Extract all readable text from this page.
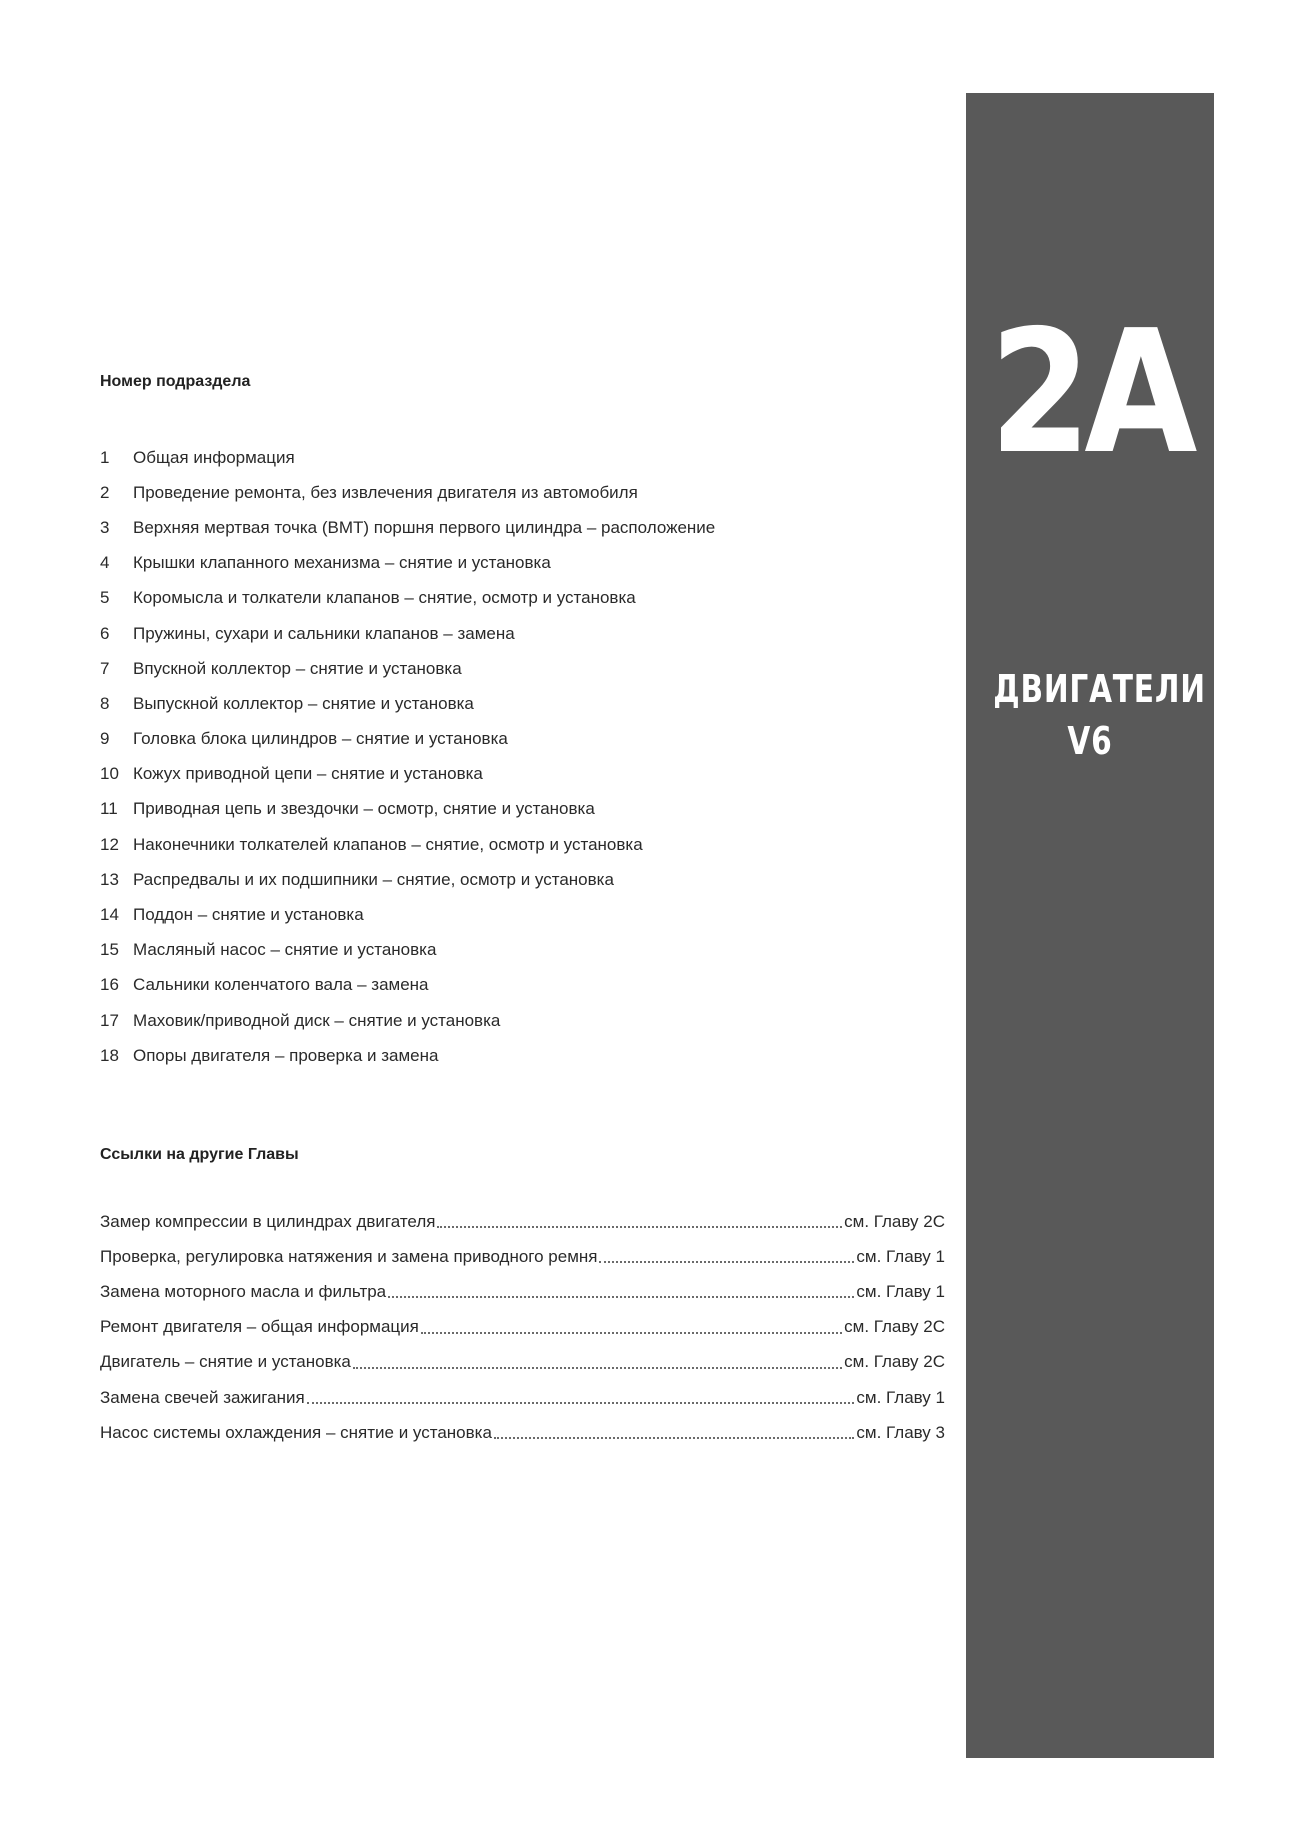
2A
ДВИГАТЕЛИ
V6
Номер подраздела
1	Общая информация
2	Проведение ремонта, без извлечения двигателя из автомобиля
3	Верхняя мертвая точка (ВМТ) поршня первого цилиндра – расположение
4	Крышки клапанного механизма – снятие и установка
5	Коромысла и толкатели клапанов – снятие, осмотр и установка
6	Пружины, сухари и сальники клапанов – замена
7	Впускной коллектор – снятие и установка
8	Выпускной коллектор – снятие и установка
9	Головка блока цилиндров – снятие и установка
10 Кожух приводной цепи – снятие и установка
11 Приводная цепь и звездочки – осмотр, снятие и установка
12 Наконечники толкателей клапанов – снятие, осмотр и установка
13 Распредвалы и их подшипники – снятие, осмотр и установка
14 Поддон – снятие и установка
15 Масляный насос – снятие и установка
16 Сальники коленчатого вала – замена
17 Маховик/приводной диск – снятие и установка
18 Опоры двигателя – проверка и замена
Ссылки на другие Главы
Замер компрессии в цилиндрах двигателя	см. Главу 2С
Проверка, регулировка натяжения и замена приводного ремня	см. Главу 1
Замена моторного масла и фильтра	см. Главу 1
Ремонт двигателя – общая информация	см. Главу 2С
Двигатель – снятие и установка	см. Главу 2С
Замена свечей зажигания	см. Главу 1
Насос системы охлаждения – снятие и установка	см. Главу 3
